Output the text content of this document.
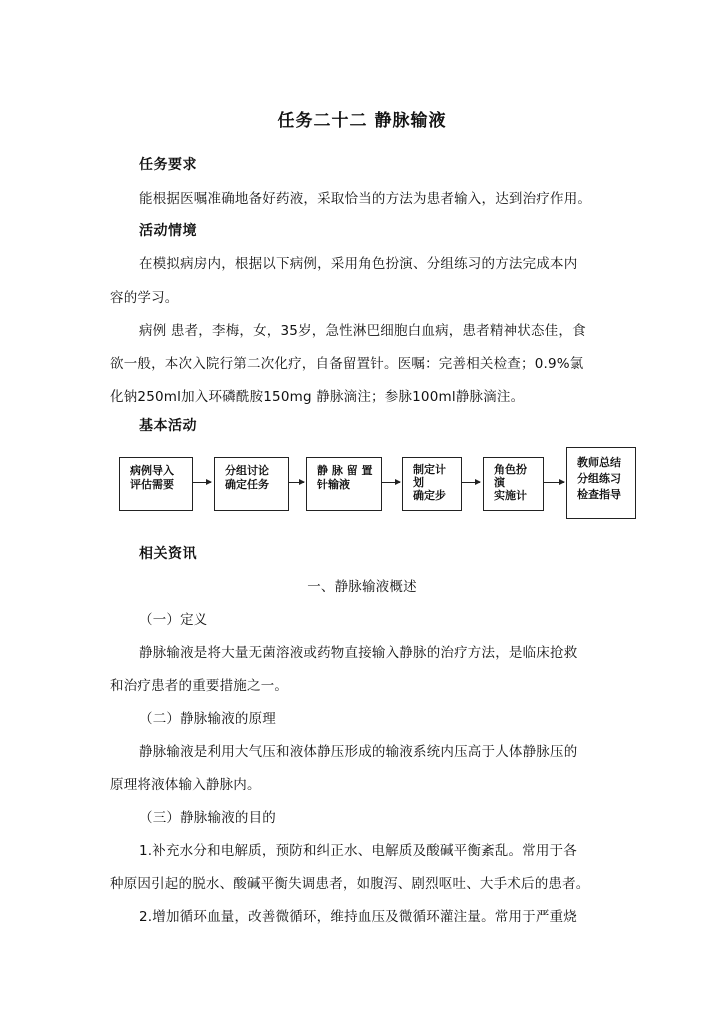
任务二十二 静脉输液
任务要求
能根据医嘱准确地备好药液，采取恰当的方法为患者输入，达到治疗作用。
活动情境
在模拟病房内，根据以下病例，采用角色扮演、分组练习的方法完成本内
容的学习。
病例 患者，李梅，女，35岁，急性淋巴细胞白血病，患者精神状态佳，食
欲一般，本次入院行第二次化疗，自备留置针。医嘱：完善相关检查；0.9%氯
化钠250ml加入环磷酰胺150mg 静脉滴注；参脉100ml静脉滴注。
基本活动
病例导入
评估需要
分组讨论
确定任务
静 脉 留 置
针输液
制定计
划
确定步
角色扮
演
实施计
教师总结
分组练习
检查指导
相关资讯
一、静脉输液概述
（一）定义
静脉输液是将大量无菌溶液或药物直接输入静脉的治疗方法，是临床抢救
和治疗患者的重要措施之一。
（二）静脉输液的原理
静脉输液是利用大气压和液体静压形成的输液系统内压高于人体静脉压的
原理将液体输入静脉内。
（三）静脉输液的目的
1.补充水分和电解质，预防和纠正水、电解质及酸碱平衡紊乱。常用于各
种原因引起的脱水、酸碱平衡失调患者，如腹泻、剧烈呕吐、大手术后的患者。
2.增加循环血量，改善微循环，维持血压及微循环灌注量。常用于严重烧
